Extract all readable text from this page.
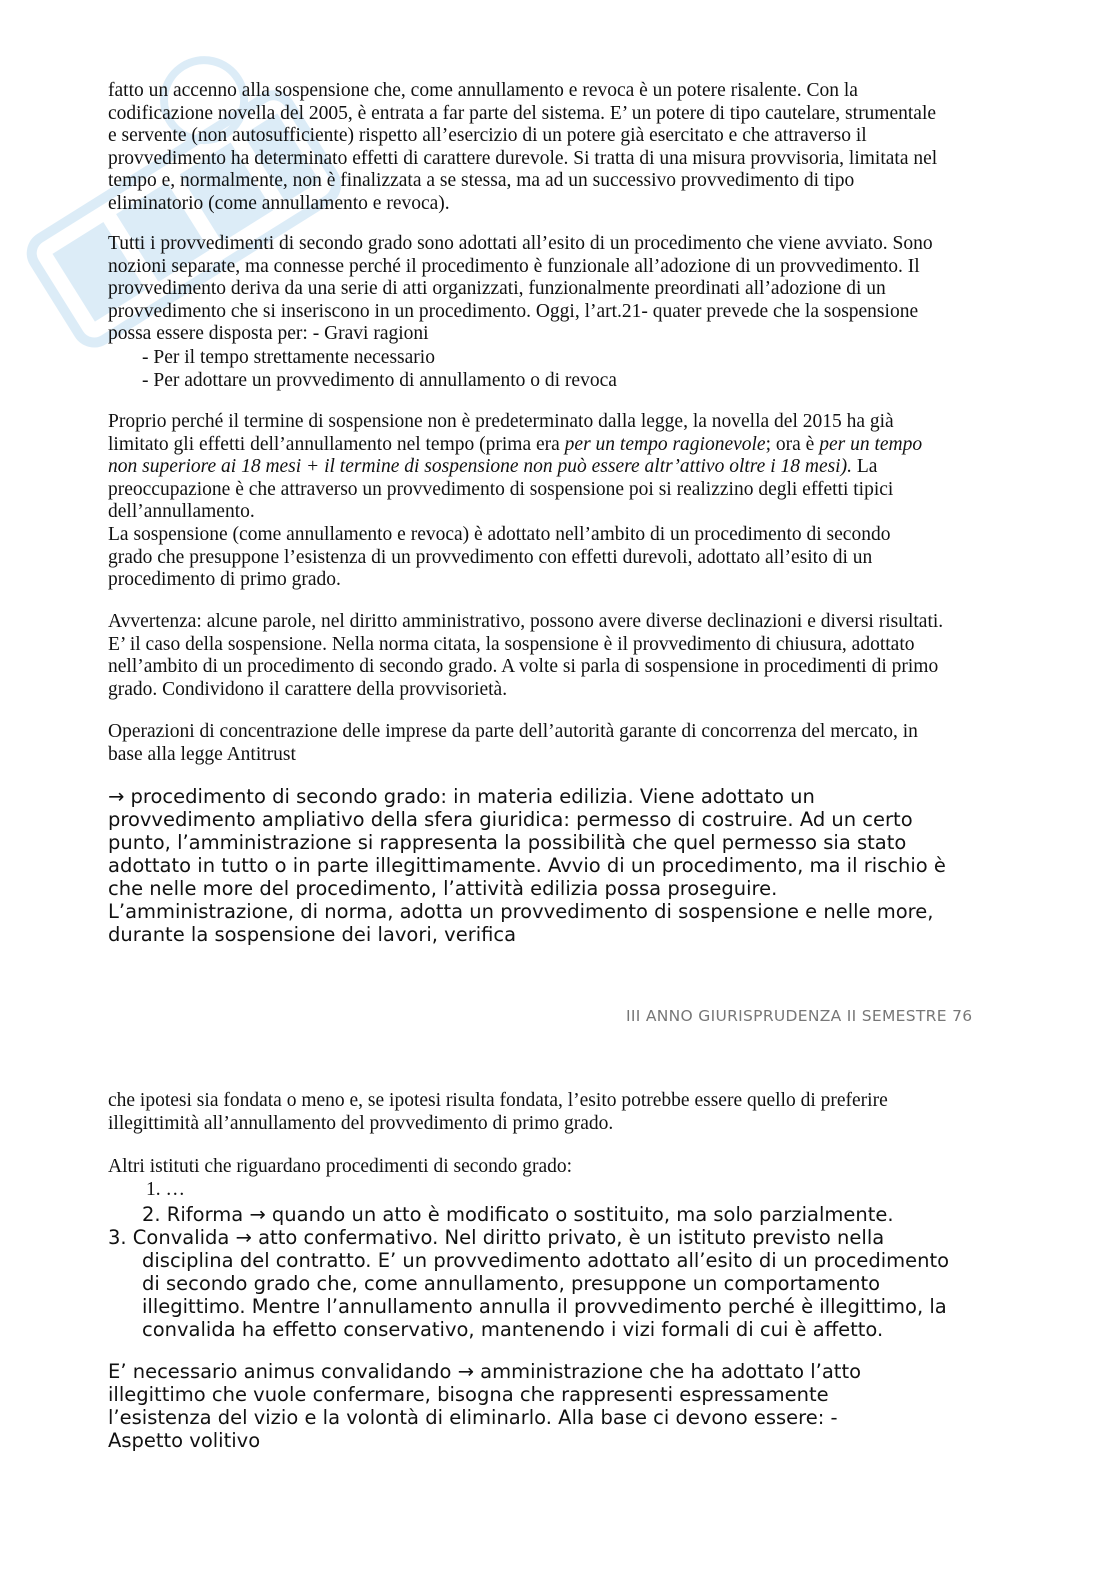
fatto un accenno alla sospensione che, come annullamento e revoca è un potere risalente. Con la
codificazione novella del 2005, è entrata a far parte del sistema. E’ un potere di tipo cautelare, strumentale
e servente (non autosufficiente) rispetto all’esercizio di un potere già esercitato e che attraverso il
provvedimento ha determinato effetti di carattere durevole. Si tratta di una misura provvisoria, limitata nel
tempo e, normalmente, non è finalizzata a se stessa, ma ad un successivo provvedimento di tipo
eliminatorio (come annullamento e revoca).
Tutti i provvedimenti di secondo grado sono adottati all’esito di un procedimento che viene avviato. Sono
nozioni separate, ma connesse perché il procedimento è funzionale all’adozione di un provvedimento. Il
provvedimento deriva da una serie di atti organizzati, funzionalmente preordinati all’adozione di un
provvedimento che si inseriscono in un procedimento. Oggi, l’art.21- quater prevede che la sospensione
possa essere disposta per: - Gravi ragioni
- Per il tempo strettamente necessario
- Per adottare un provvedimento di annullamento o di revoca
Proprio perché il termine di sospensione non è predeterminato dalla legge, la novella del 2015 ha già
limitato gli effetti dell’annullamento nel tempo (prima era per un tempo ragionevole; ora è per un tempo
non superiore ai 18 mesi + il termine di sospensione non può essere altr’attivo oltre i 18 mesi). La
preoccupazione è che attraverso un provvedimento di sospensione poi si realizzino degli effetti tipici
dell’annullamento.
La sospensione (come annullamento e revoca) è adottato nell’ambito di un procedimento di secondo
grado che presuppone l’esistenza di un provvedimento con effetti durevoli, adottato all’esito di un
procedimento di primo grado.
Avvertenza: alcune parole, nel diritto amministrativo, possono avere diverse declinazioni e diversi risultati.
E’ il caso della sospensione. Nella norma citata, la sospensione è il provvedimento di chiusura, adottato
nell’ambito di un procedimento di secondo grado. A volte si parla di sospensione in procedimenti di primo
grado. Condividono il carattere della provvisorietà.
Operazioni di concentrazione delle imprese da parte dell’autorità garante di concorrenza del mercato, in
base alla legge Antitrust
→ procedimento di secondo grado: in materia edilizia. Viene adottato un
provvedimento ampliativo della sfera giuridica: permesso di costruire. Ad un certo
punto, l’amministrazione si rappresenta la possibilità che quel permesso sia stato
adottato in tutto o in parte illegittimamente. Avvio di un procedimento, ma il rischio è
che nelle more del procedimento, l’attività edilizia possa proseguire.
L’amministrazione, di norma, adotta un provvedimento di sospensione e nelle more,
durante la sospensione dei lavori, verifica
III ANNO GIURISPRUDENZA II SEMESTRE 76
che ipotesi sia fondata o meno e, se ipotesi risulta fondata, l’esito potrebbe essere quello di preferire
illegittimità all’annullamento del provvedimento di primo grado.
Altri istituti che riguardano procedimenti di secondo grado:
1. …
2. Riforma → quando un atto è modificato o sostituito, ma solo parzialmente.
3. Convalida → atto confermativo. Nel diritto privato, è un istituto previsto nella
disciplina del contratto. E’ un provvedimento adottato all’esito di un procedimento
di secondo grado che, come annullamento, presuppone un comportamento
illegittimo. Mentre l’annullamento annulla il provvedimento perché è illegittimo, la
convalida ha effetto conservativo, mantenendo i vizi formali di cui è affetto.
E’ necessario animus convalidando → amministrazione che ha adottato l’atto
illegittimo che vuole confermare, bisogna che rappresenti espressamente
l’esistenza del vizio e la volontà di eliminarlo. Alla base ci devono essere: -
Aspetto volitivo
